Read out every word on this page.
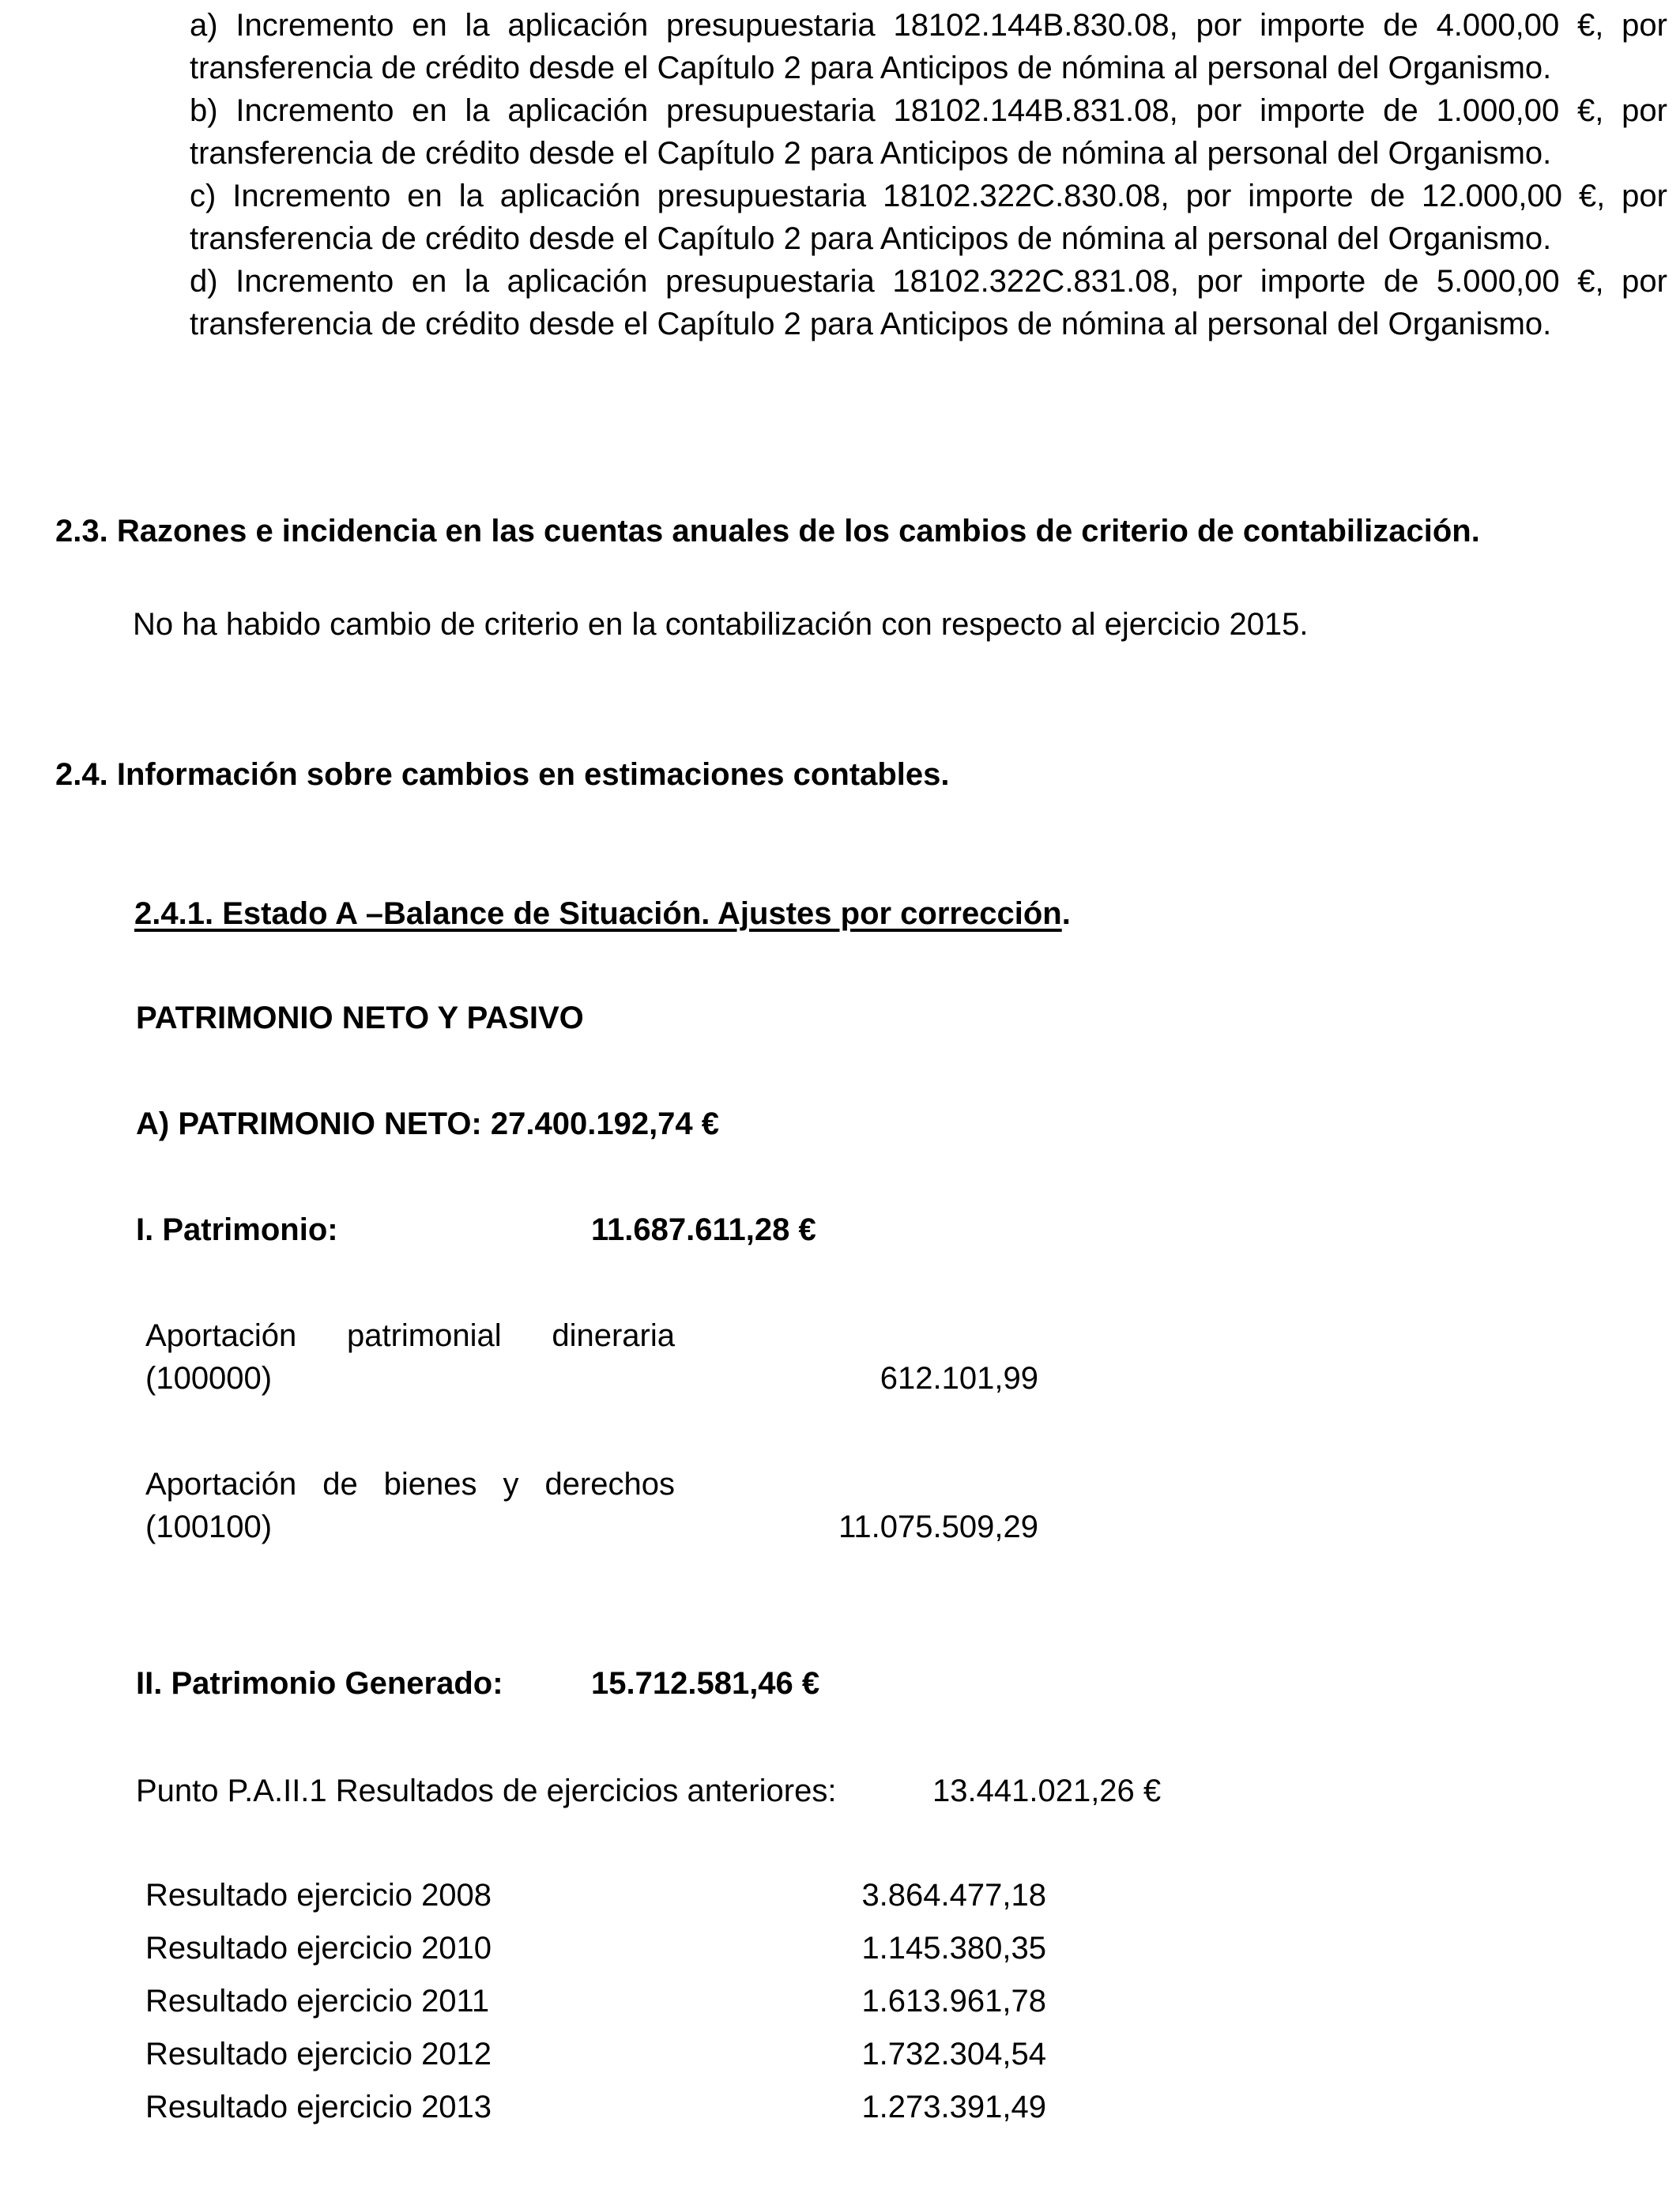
a) Incremento en la aplicación presupuestaria 18102.144B.830.08, por importe de 4.000,00 €, por
transferencia de crédito desde el Capítulo 2 para Anticipos de nómina al personal del Organismo.
b) Incremento en la aplicación presupuestaria 18102.144B.831.08, por importe de 1.000,00 €, por
transferencia de crédito desde el Capítulo 2 para Anticipos de nómina al personal del Organismo.
c) Incremento en la aplicación presupuestaria 18102.322C.830.08, por importe de 12.000,00 €, por
transferencia de crédito desde el Capítulo 2 para Anticipos de nómina al personal del Organismo.
d) Incremento en la aplicación presupuestaria 18102.322C.831.08, por importe de 5.000,00 €, por
transferencia de crédito desde el Capítulo 2 para Anticipos de nómina al personal del Organismo.
2.3. Razones e incidencia en las cuentas anuales de los cambios de criterio de contabilización.
No ha habido cambio de criterio en la contabilización con respecto al ejercicio 2015.
2.4. Información sobre cambios en estimaciones contables.
2.4.1. Estado A –Balance de Situación. Ajustes por corrección.
PATRIMONIO NETO Y PASIVO
A) PATRIMONIO NETO: 27.400.192,74 €
I. Patrimonio:	11.687.611,28 €
Aportación patrimonial dineraria
(100000)	612.101,99
Aportación de bienes y derechos
(100100)	11.075.509,29
II. Patrimonio Generado:	15.712.581,46 €
Punto P.A.II.1 Resultados de ejercicios anteriores:	13.441.021,26 €
Resultado ejercicio 2008	3.864.477,18
Resultado ejercicio 2010	1.145.380,35
Resultado ejercicio 2011	1.613.961,78
Resultado ejercicio 2012	1.732.304,54
Resultado ejercicio 2013	1.273.391,49
